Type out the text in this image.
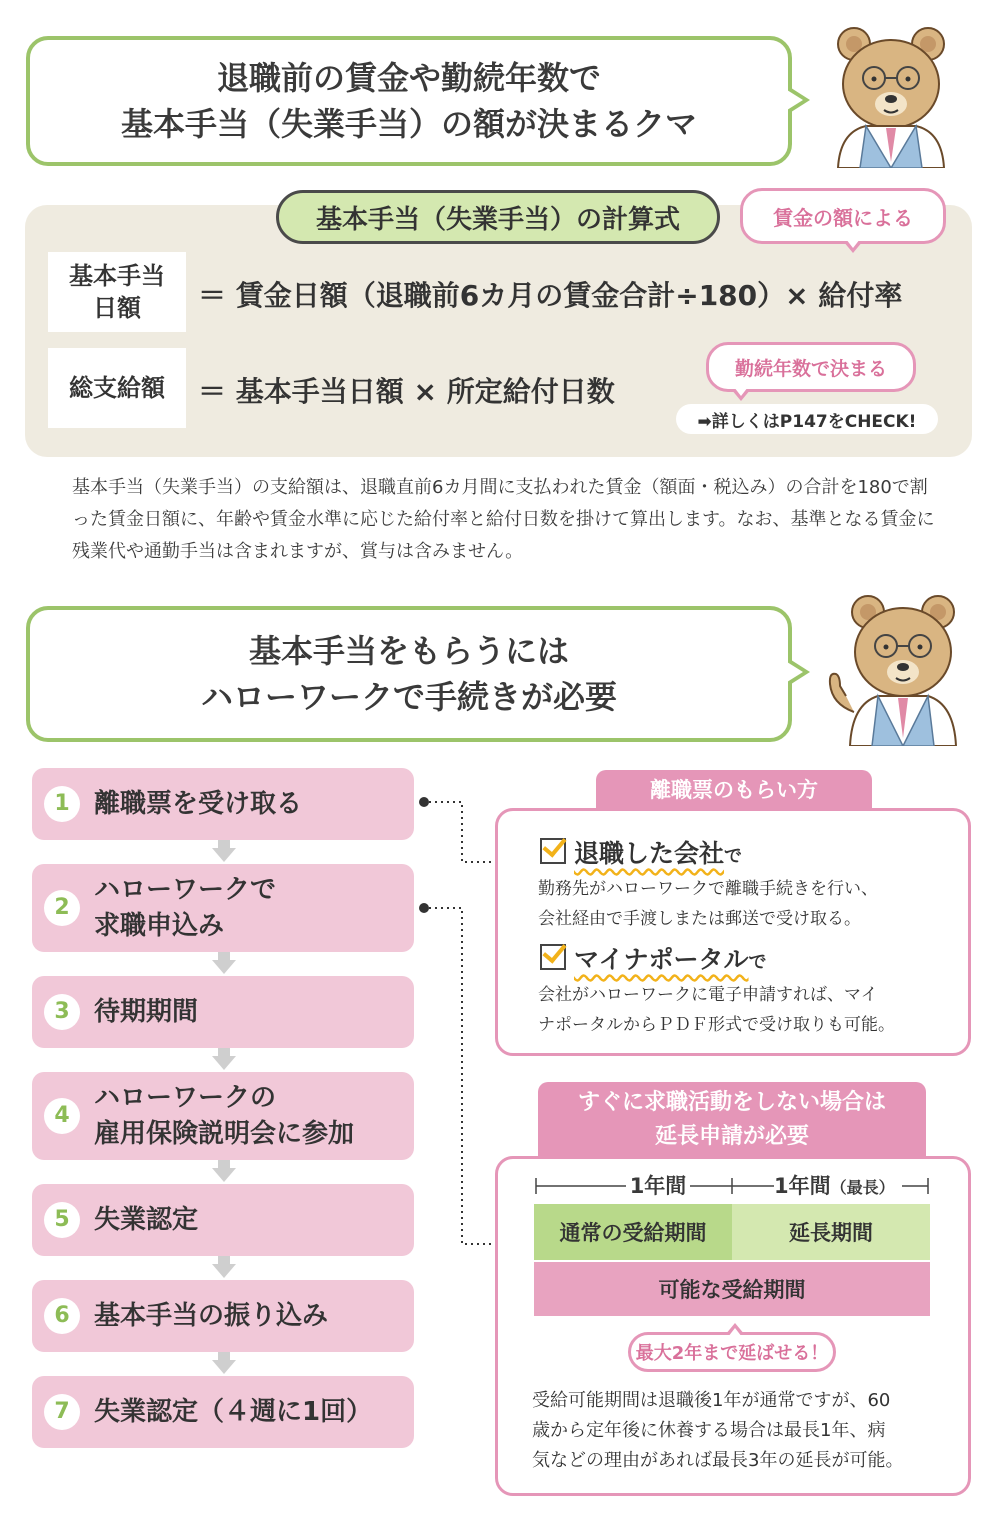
退職前の賃金や勤続年数で
基本手当（失業手当）の額が決まるクマ
基本手当（失業手当）の計算式	賃金の額による
基本手当
日額 ＝ 賃金日額（退職前6カ月の賃金合計÷180）× 給付率
総支給額 ＝ 基本手当日額 × 所定給付日数
勤続年数で決まる
➡詳しくはP147をCHECK!
基本手当（失業手当）の支給額は、退職直前6カ月間に支払われた賃金（額面・税込み）の合計を180で割った賃金日額に、年齢や賃金水準に応じた給付率と給付日数を掛けて算出します。なお、基準となる賃金に残業代や通勤手当は含まれますが、賞与は含みません。
基本手当をもらうには
ハローワークで手続きが必要
1 離職票を受け取る
2
ハローワークで
求職申込み
3 待期期間
4
ハローワークの
雇用保険説明会に参加
5 失業認定
6 基本手当の振り込み
7 失業認定（４週に1回）
離職票のもらい方
退職した会社で
勤務先がハローワークで離職手続きを行い、
会社経由で手渡しまたは郵送で受け取る。
マイナポータルで
会社がハローワークに電子申請すれば、マイ
ナポータルからＰＤＦ形式で受け取りも可能。
すぐに求職活動をしない場合は
延長申請が必要
1年間	1年間（最長）
通常の受給期間	延長期間
可能な受給期間
最大2年まで延ばせる！
受給可能期間は退職後1年が通常ですが、60
歳から定年後に休養する場合は最長1年、病
気などの理由があれば最長3年の延長が可能。
